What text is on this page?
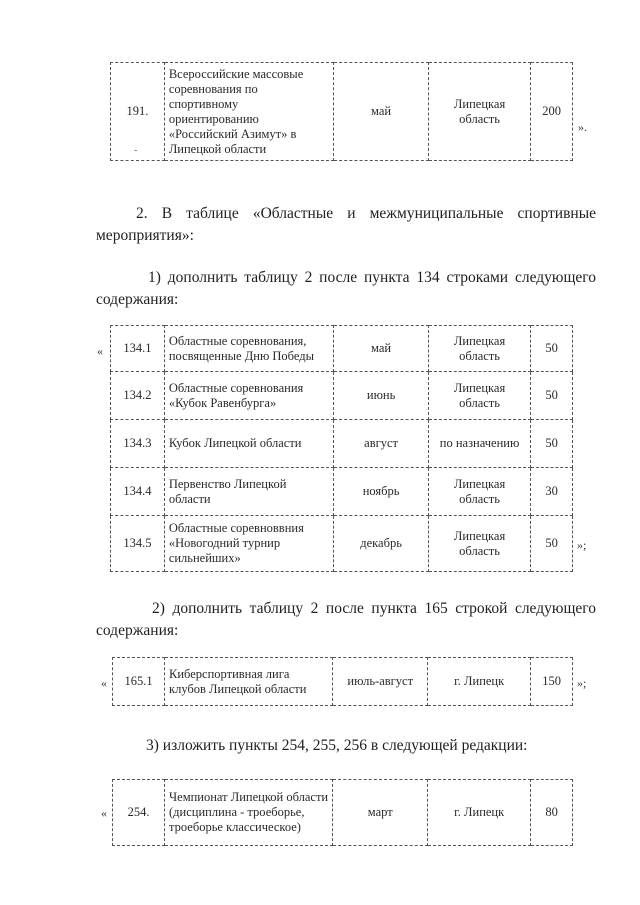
191.	Всероссийские массовые соревнования по спортивному ориентированию «Российский Азимут» в Липецкой области	май	Липецкая область	200
».
-
2. В таблице «Областные и межмуниципальные спортивные мероприятия»:
1) дополнить таблицу 2 после пункта 134 строками следующего содержания:
« 134.1	Областные соревнования, посвященные Дню Победы	май	Липецкая область	50
134.2	Областные соревнования «Кубок Равенбурга»	июнь	Липецкая область	50
134.3	Кубок Липецкой области	август	по назначению	50
134.4	Первенство Липецкой области	ноябрь	Липецкая область	30
134.5	Областные соревноввния «Новогодний турнир сильнейших»	декабрь	Липецкая область	50 »;
2) дополнить таблицу 2 после пункта 165 строкой следующего содержания:
« 165.1	Киберспортивная лига клубов Липецкой области	июль-август	г. Липецк	150 »;
3) изложить пункты 254, 255, 256 в следующей редакции:
« 254.	Чемпионат Липецкой области (дисциплина - троеборье, троеборье классическое)	март	г. Липецк	80
